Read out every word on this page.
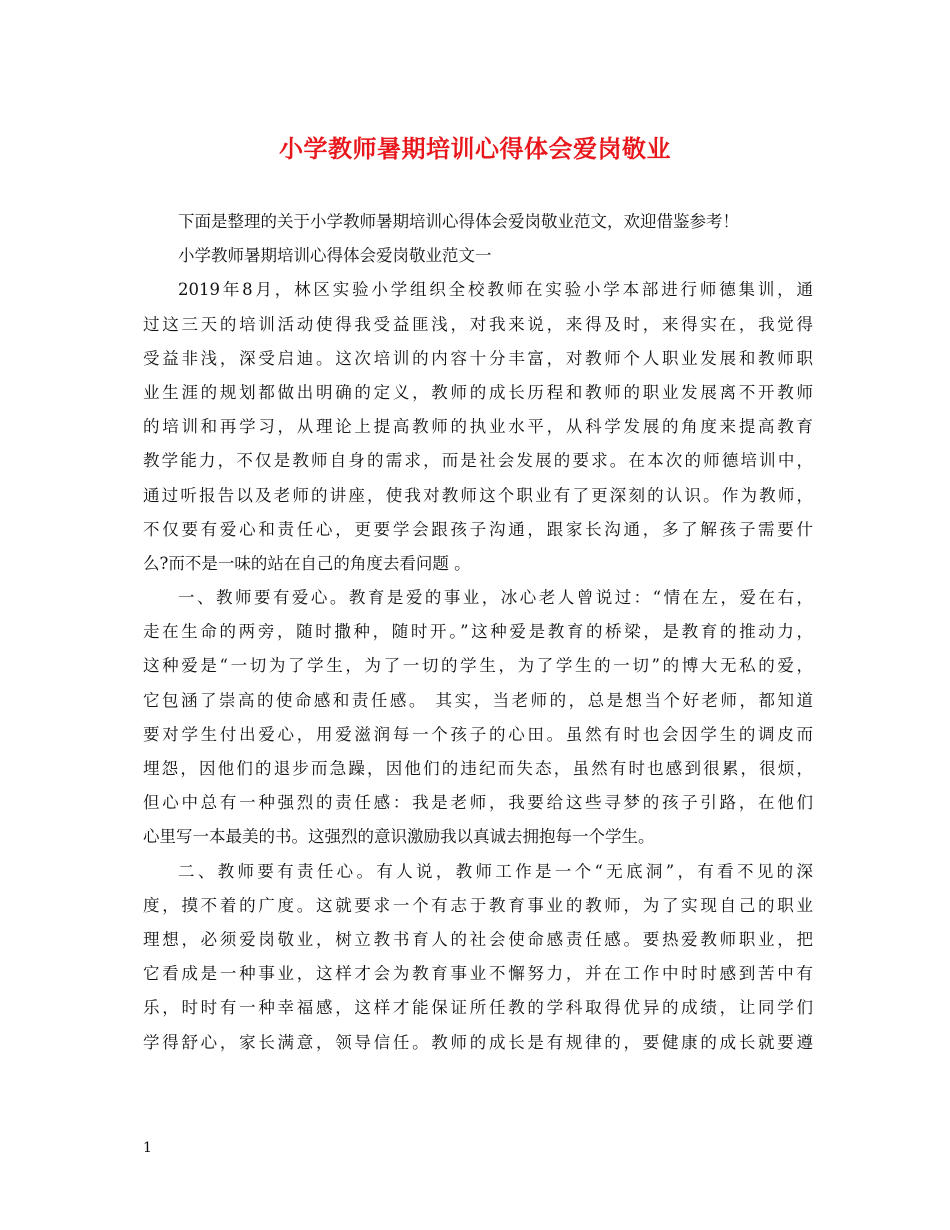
小学教师暑期培训心得体会爱岗敬业
下面是整理的关于小学教师暑期培训心得体会爱岗敬业范文，欢迎借鉴参考！
小学教师暑期培训心得体会爱岗敬业范文一
2019年8月，林区实验小学组织全校教师在实验小学本部进行师德集训，通
过这三天的培训活动使得我受益匪浅，对我来说，来得及时，来得实在，我觉得
受益非浅，深受启迪。这次培训的内容十分丰富，对教师个人职业发展和教师职
业生涯的规划都做出明确的定义，教师的成长历程和教师的职业发展离不开教师
的培训和再学习，从理论上提高教师的执业水平，从科学发展的角度来提高教育
教学能力，不仅是教师自身的需求，而是社会发展的要求。在本次的师德培训中，
通过听报告以及老师的讲座，使我对教师这个职业有了更深刻的认识。作为教师，
不仅要有爱心和责任心，更要学会跟孩子沟通，跟家长沟通，多了解孩子需要什
么?而不是一味的站在自己的角度去看问题 。
一、教师要有爱心。教育是爱的事业，冰心老人曾说过：“情在左，爱在右，
走在生命的两旁，随时撒种，随时开。”这种爱是教育的桥梁，是教育的推动力，
这种爱是“一切为了学生，为了一切的学生，为了学生的一切”的博大无私的爱，
它包涵了崇高的使命感和责任感。 其实，当老师的，总是想当个好老师，都知道
要对学生付出爱心，用爱滋润每一个孩子的心田。虽然有时也会因学生的调皮而
埋怨，因他们的退步而急躁，因他们的违纪而失态，虽然有时也感到很累，很烦，
但心中总有一种强烈的责任感：我是老师，我要给这些寻梦的孩子引路，在他们
心里写一本最美的书。这强烈的意识激励我以真诚去拥抱每一个学生。
二、教师要有责任心。有人说，教师工作是一个“无底洞”，有看不见的深
度，摸不着的广度。这就要求一个有志于教育事业的教师，为了实现自己的职业
理想，必须爱岗敬业，树立教书育人的社会使命感责任感。要热爱教师职业，把
它看成是一种事业，这样才会为教育事业不懈努力，并在工作中时时感到苦中有
乐，时时有一种幸福感，这样才能保证所任教的学科取得优异的成绩，让同学们
学得舒心，家长满意，领导信任。教师的成长是有规律的，要健康的成长就要遵
1
